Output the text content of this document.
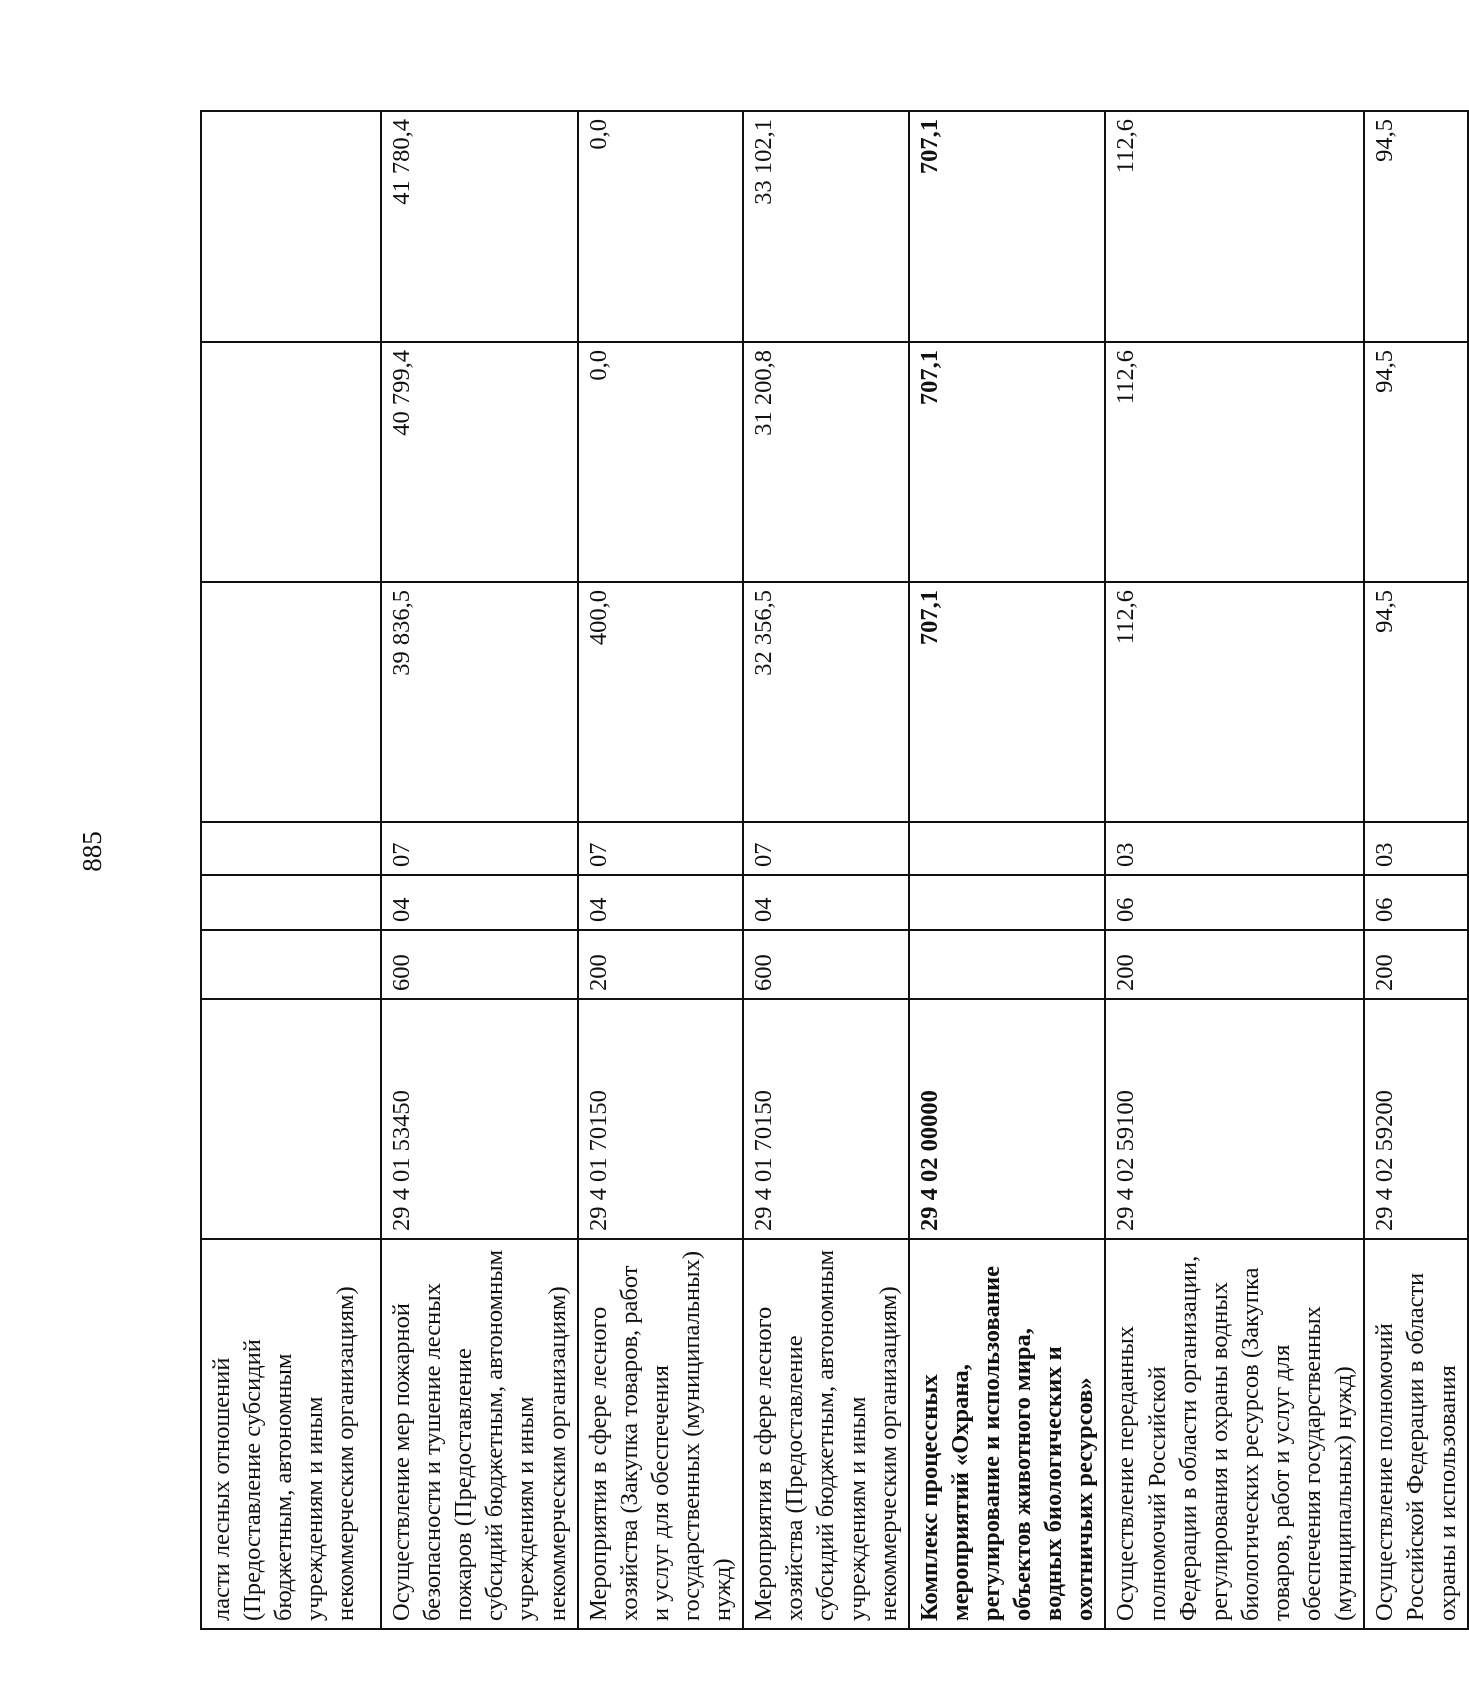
885
ласти лесных отношений (Предоставление субсидий бюджетным, автономным учреждениям и иным некоммерческим организациям)							
Осуществление мер пожарной безопасности и тушение лесных пожаров (Предоставление субсидий бюджетным, автономным учреждениям и иным некоммерческим организациям)	29 4 01 53450	600	04	07	39 836,5	40 799,4	41 780,4
Мероприятия в сфере лесного хозяйства (Закупка товаров, работ и услуг для обеспечения государственных (муниципальных) нужд)	29 4 01 70150	200	04	07	400,0	0,0	0,0
Мероприятия в сфере лесного хозяйства (Предоставление субсидий бюджетным, автономным учреждениям и иным некоммерческим организациям)	29 4 01 70150	600	04	07	32 356,5	31 200,8	33 102,1
Комплекс процессных мероприятий «Охрана, регулирование и использование объектов животного мира, водных биологических и охотничьих ресурсов»	29 4 02 00000				707,1	707,1	707,1
Осуществление переданных полномочий Российской Федерации в области организации, регулирования и охраны водных биологических ресурсов (Закупка товаров, работ и услуг для обеспечения государственных (муниципальных) нужд)	29 4 02 59100	200	06	03	112,6	112,6	112,6
Осуществление полномочий Российской Федерации в области охраны и использования	29 4 02 59200	200	06	03	94,5	94,5	94,5
